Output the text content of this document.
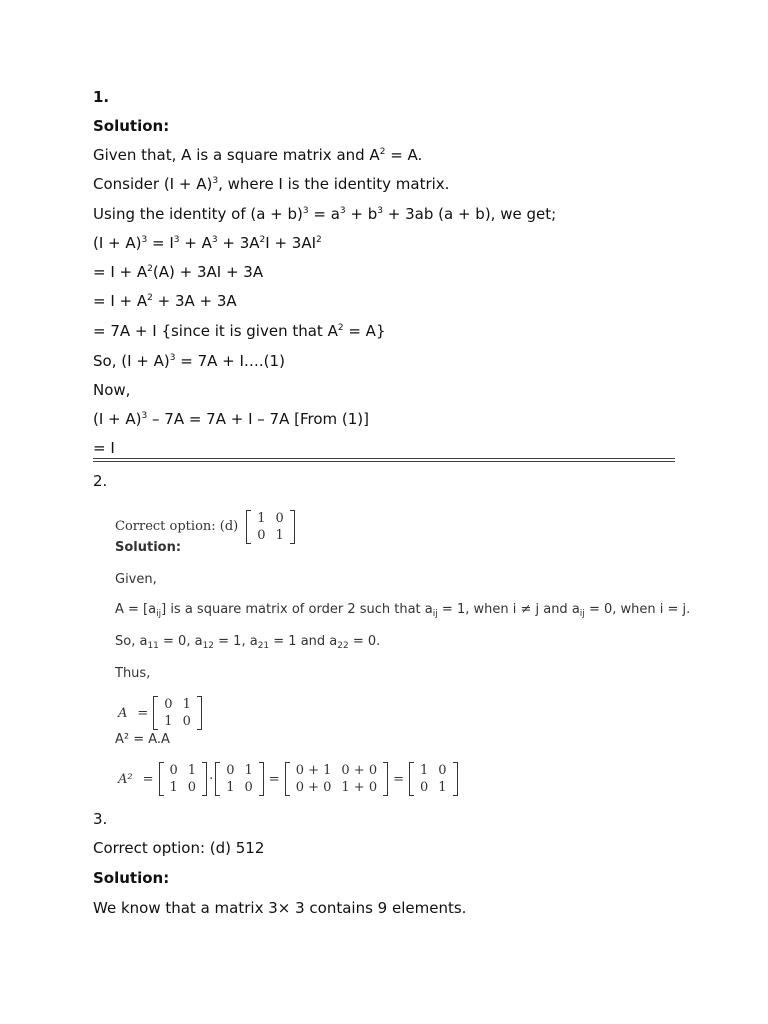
1.
Solution:
Given that, A is a square matrix and $A^2 = A$.
Consider $(I + A)^3$, where I is the identity matrix.
Using the identity of $(a + b)^3 = a^3 + b^3 + 3ab$ (a + b), we get;
$(I + A)^3 = I^3 + A^3 + 3A^2I + 3AI^2$
= $I + A^2(A) + 3AI + 3A$
= $I + A^2 + 3A + 3A$
= 7A + I {since it is given that $A^2 = A$}
So, $(I + A)^3 = 7A$ + I….(1)
Now,
$(I + A)^3 - 7A = 7A + I - 7A$ [From (1)]
= I
2.
Correct option: (d)
1	0
0	1
Solution:
Given,
$A = [a_{ij}]$ is a square matrix of order 2 such that $a_{ij} = 1$, when i ≠ j and $a_{ij} = 0$, when i = j.
So, $a_{11} = 0$, $a_{12} = 1$, $a_{21} = 1$ and $a_{22} = 0$.
Thus,
A =
0	1
1	0
A² = A.A
A² =
0	1
1	0
·
0	1
1	0
=
0 + 1	0 + 0
0 + 0	1 + 0
=
1	0
0	1
3.
Correct option: (d) 512
Solution:
We know that a matrix 3× 3 contains 9 elements.
